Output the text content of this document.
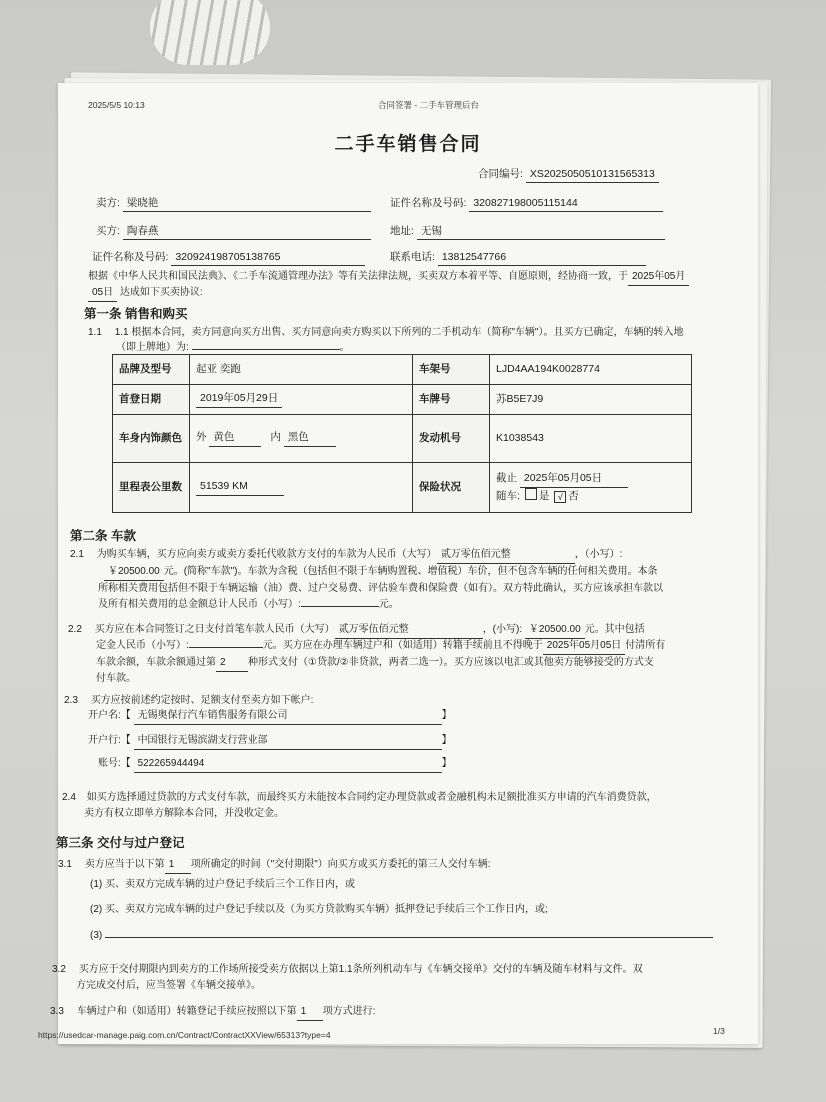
2025/5/5 10:13	合同签署 - 二手车管理后台
二手车销售合同
合同编号: XS2025050510131565313
卖方: 梁晓艳	证件名称及号码: 320827198005115144
买方: 陶春燕	地址: 无锡
证件名称及号码: 320924198705138765	联系电话: 13812547766
根据《中华人民共和国民法典》、《二手车流通管理办法》等有关法律法规，买卖双方本着平等、自愿原则，经协商一致，于 2025年05月
05日 达成如下买卖协议:
第一条 销售和购买
1.1 1.1 根据本合同，卖方同意向买方出售、买方同意向卖方购买以下所列的二手机动车（简称"车辆"）。且买方已确定，车辆的转入地
（即上牌地）为:	。
品牌及型号	起亚 奕跑	车架号	LJD4AA194K0028774
首登日期	2019年05月29日	车牌号	苏B5E7J9
车身内饰颜色	外 黄色 内 黑色	发动机号	K1038543
里程表公里数	51539 KM	保险状况	截止 2025年05月05日
随车: 是 √ 否
第二条 车款
2.1 为购买车辆，买方应向卖方或卖方委托代收款方支付的车款为人民币（大写） 贰万零伍佰元整	，（小写）:
￥20500.00 元。(简称"车款")。车款为含税（包括但不限于车辆购置税、增值税）车价，但不包含车辆的任何相关费用。本条
所称相关费用包括但不限于车辆运输（油）费、过户交易费、评估验车费和保险费（如有）。双方特此确认，买方应该承担车款以
及所有相关费用的总金额总计人民币（小写）:	元。
2.2 买方应在本合同签订之日支付首笔车款人民币（大写） 贰万零伍佰元整	，(小写): ￥20500.00 元。其中包括
定金人民币（小写）:	元。买方应在办理车辆过户和（如适用）转籍手续前且不得晚于 2025年05月05日 付清所有
车款余额，车款余额通过第 2 种形式支付（①贷款/②非贷款，两者二选一）。买方应该以电汇或其他卖方能够接受的方式支
付车款。
2.3 买方应按前述约定按时、足额支付至卖方如下帐户:
开户名:【 无锡奥保行汽车销售服务有限公司	】
开户行:【 中国银行无锡滨湖支行营业部	】
账号:【 522265944494	】
2.4 如买方选择通过贷款的方式支付车款，而最终买方未能按本合同约定办理贷款或者金融机构未足额批准买方申请的汽车消费贷款，
卖方有权立即单方解除本合同，并没收定金。
第三条 交付与过户登记
3.1 卖方应当于以下第 1 项所确定的时间（"交付期限"）向买方或买方委托的第三人交付车辆:
(1) 买、卖双方完成车辆的过户登记手续后三个工作日内，或
(2) 买、卖双方完成车辆的过户登记手续以及（为买方贷款购买车辆）抵押登记手续后三个工作日内，或;
(3)
3.2 买方应于交付期限内到卖方的工作场所接受卖方依据以上第1.1条所列机动车与《车辆交接单》交付的车辆及随车材料与文件。双
方完成交付后，应当签署《车辆交接单》。
3.3 车辆过户和（如适用）转籍登记手续应按照以下第 1 项方式进行:
https://usedcar-manage.paig.com.cn/Contract/ContractXXView/65313?type=4	1/3
